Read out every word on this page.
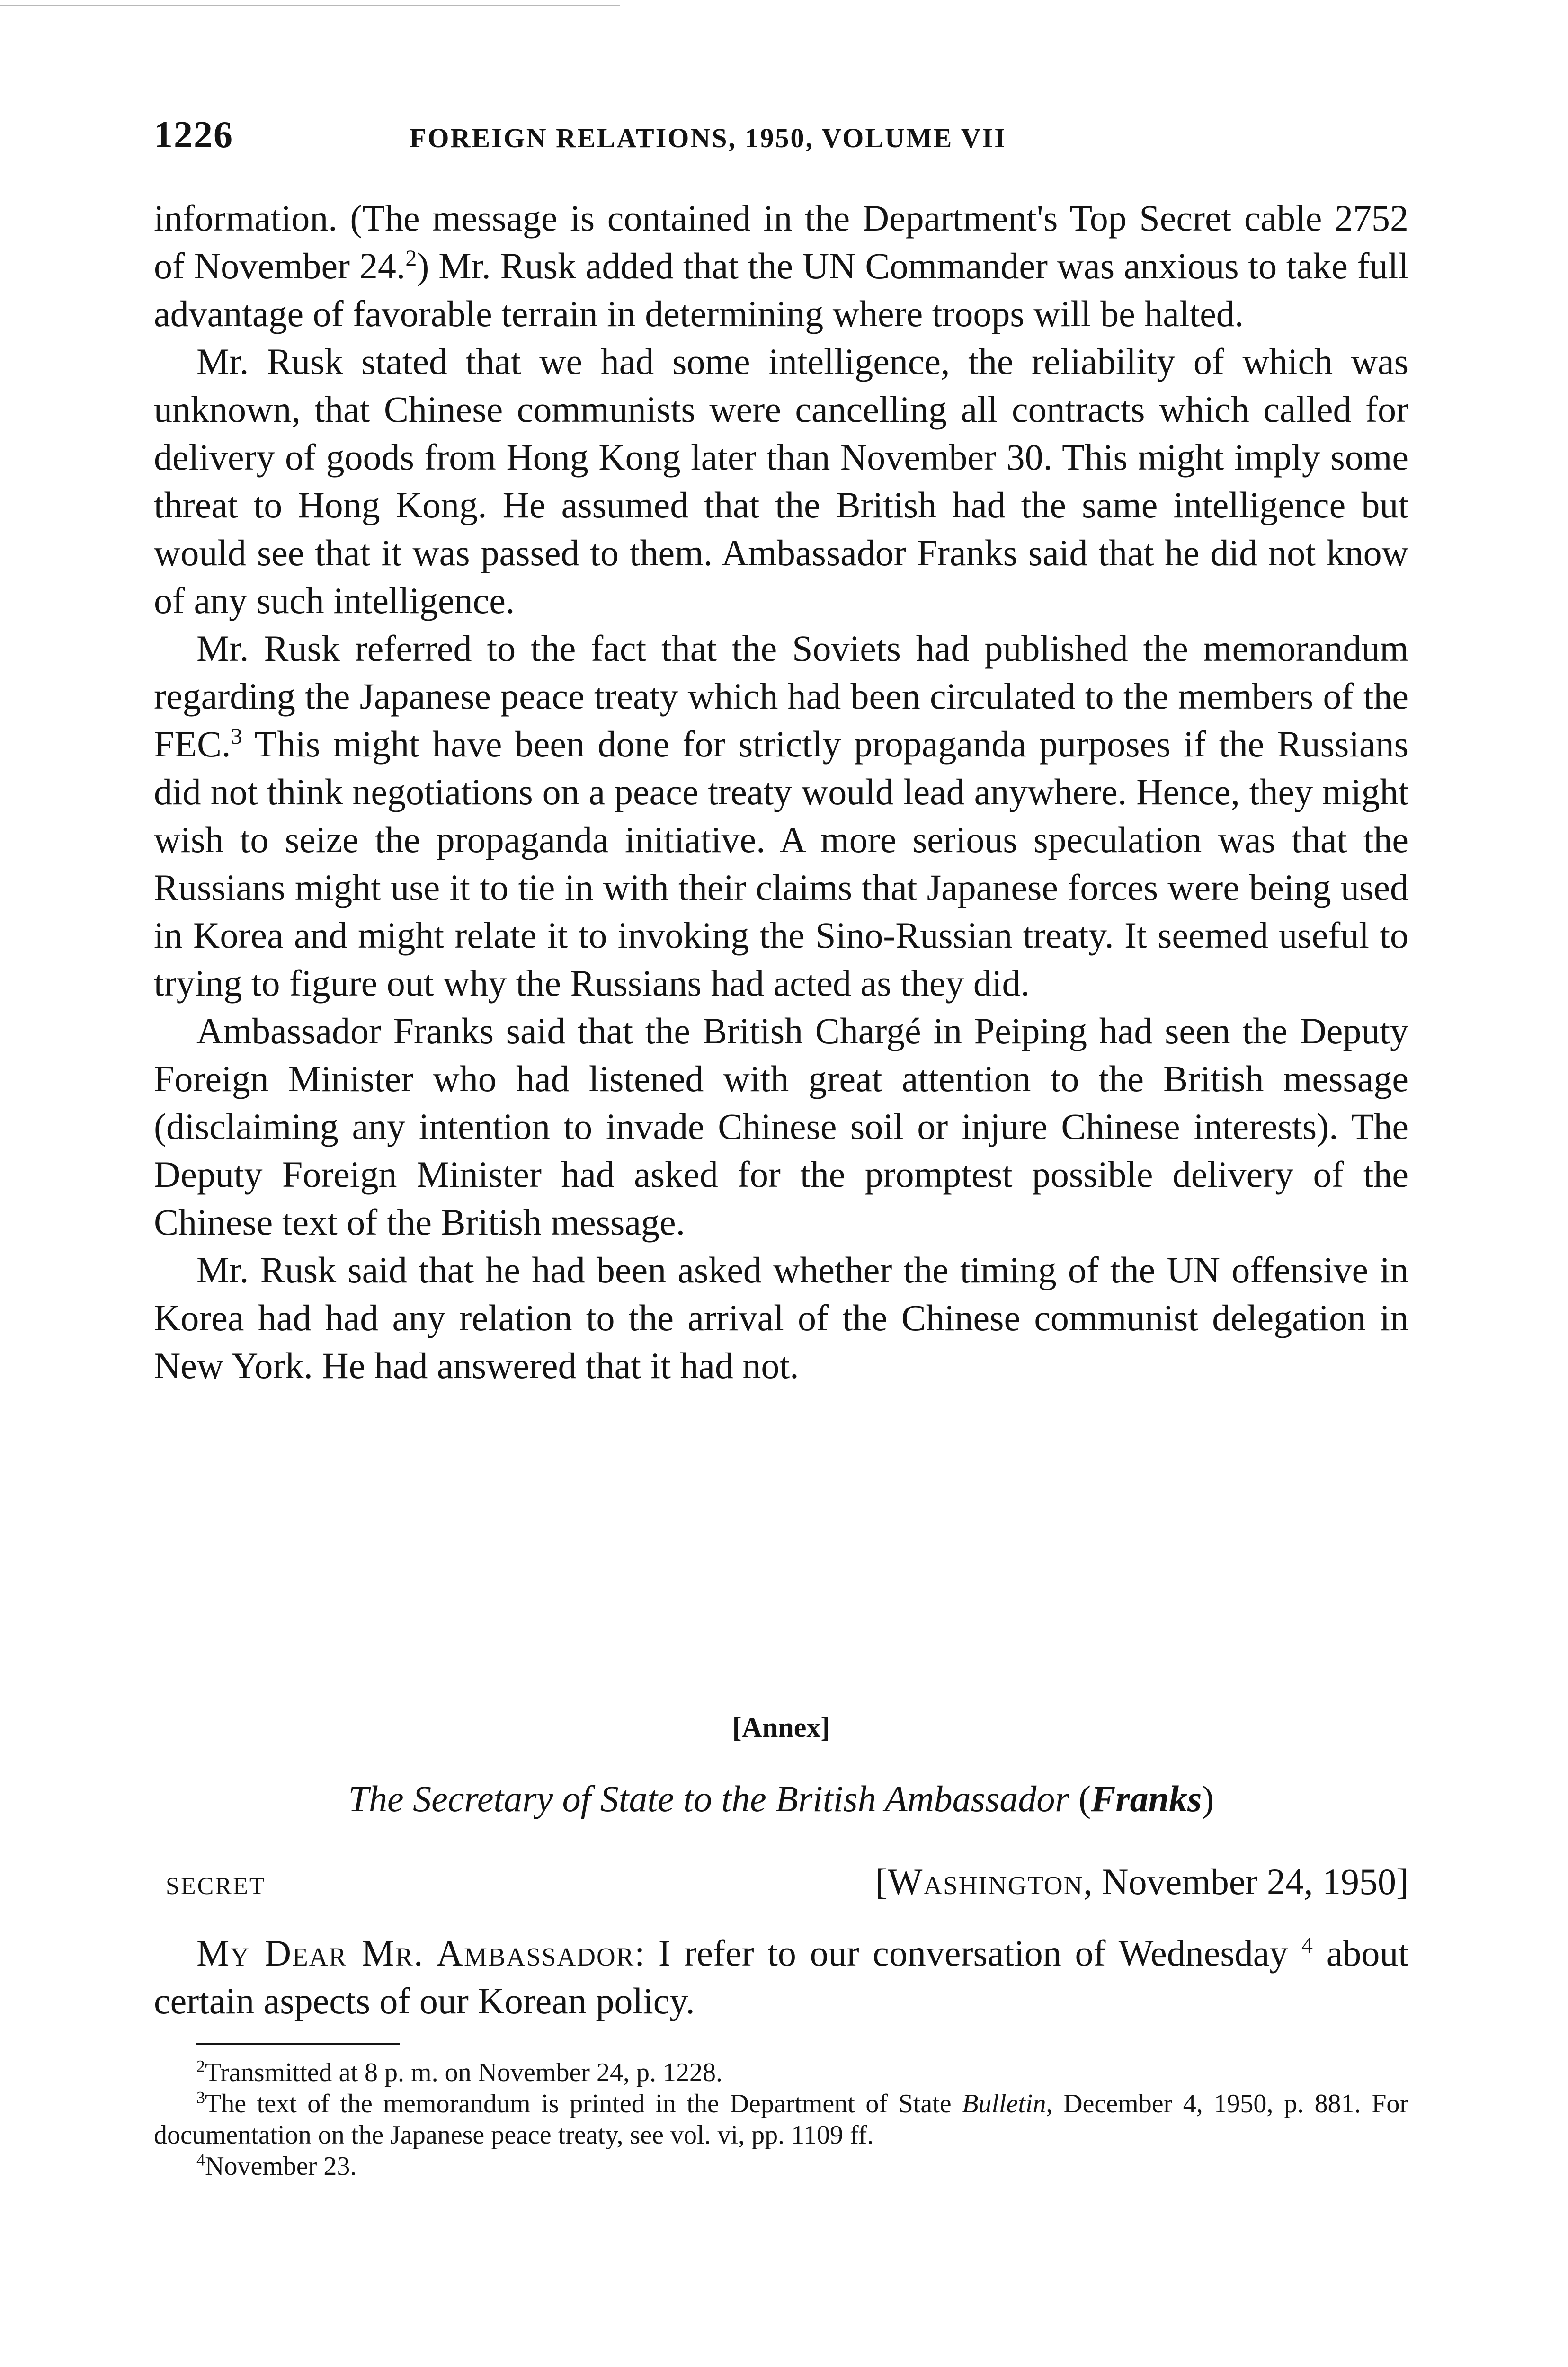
1226	FOREIGN RELATIONS, 1950, VOLUME VII

information. (The message is contained in the Department's Top Secret cable 2752 of November 24.$^2$) Mr. Rusk added that the UN Commander was anxious to take full advantage of favorable terrain in determining where troops will be halted.

Mr. Rusk stated that we had some intelligence, the reliability of which was unknown, that Chinese communists were cancelling all contracts which called for delivery of goods from Hong Kong later than November 30. This might imply some threat to Hong Kong. He assumed that the British had the same intelligence but would see that it was passed to them. Ambassador Franks said that he did not know of any such intelligence.

Mr. Rusk referred to the fact that the Soviets had published the memorandum regarding the Japanese peace treaty which had been circulated to the members of the FEC.$^3$ This might have been done for strictly propaganda purposes if the Russians did not think negotiations on a peace treaty would lead anywhere. Hence, they might wish to seize the propaganda initiative. A more serious speculation was that the Russians might use it to tie in with their claims that Japanese forces were being used in Korea and might relate it to invoking the Sino-Russian treaty. It seemed useful to trying to figure out why the Russians had acted as they did.

Ambassador Franks said that the British Chargé in Peiping had seen the Deputy Foreign Minister who had listened with great attention to the British message (disclaiming any intention to invade Chinese soil or injure Chinese interests). The Deputy Foreign Minister had asked for the promptest possible delivery of the Chinese text of the British message.

Mr. Rusk said that he had been asked whether the timing of the UN offensive in Korea had had any relation to the arrival of the Chinese communist delegation in New York. He had answered that it had not.

[Annex]
The Secretary of State to the British Ambassador (Franks)
SECRET	[Washington, November 24, 1950]
My Dear Mr. Ambassador: I refer to our conversation of Wednesday $^4$ about certain aspects of our Korean policy.

$^2$Transmitted at 8 p. m. on November 24, p. 1228.

$^3$The text of the memorandum is printed in the Department of State Bulletin, December 4, 1950, p. 881. For documentation on the Japanese peace treaty, see vol. vi, pp. 1109 ff.

$^4$November 23.
